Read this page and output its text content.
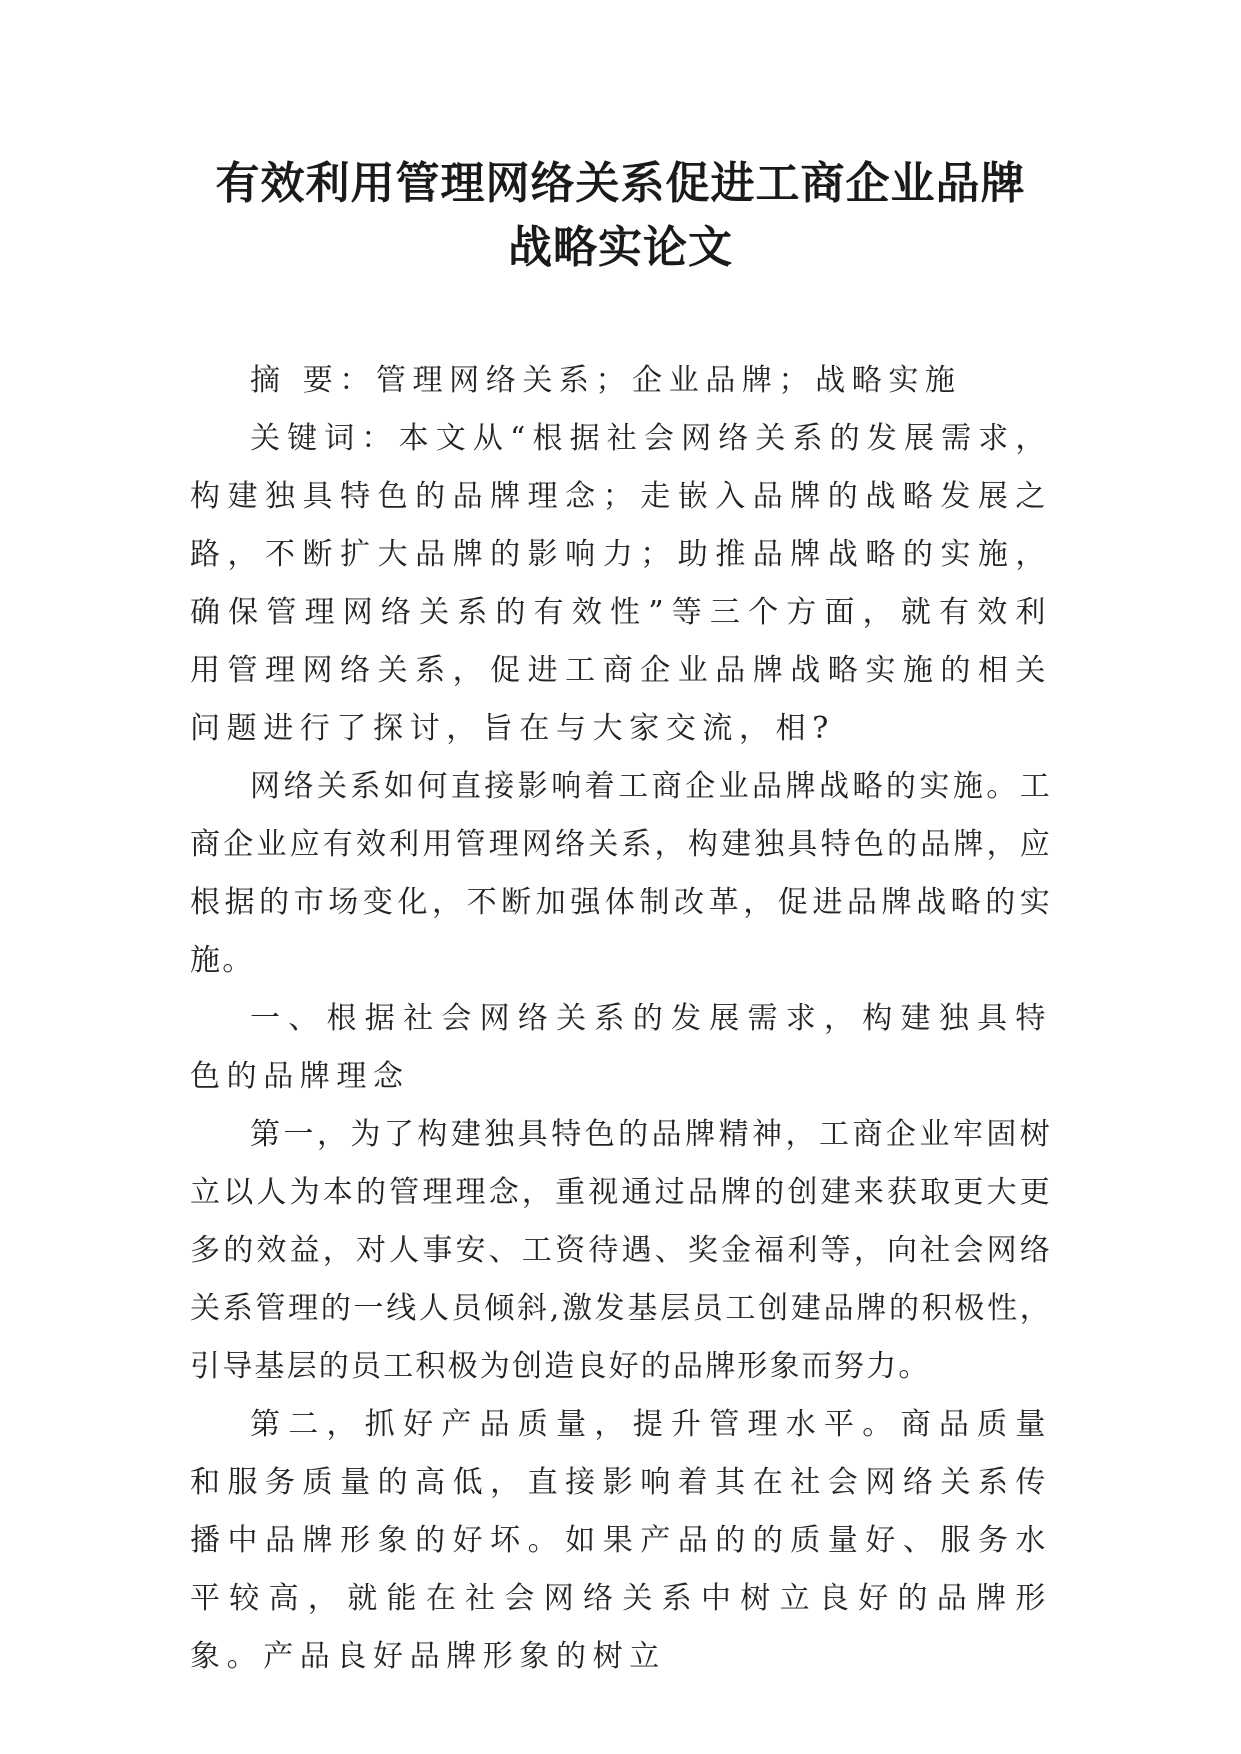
有效利用管理网络关系促进工商企业品牌
战略实论文

摘 要：管理网络关系；企业品牌；战略实施

关键词：本文从“根据社会网络关系的发展需求，构建独具特色的品牌理念；走嵌入品牌的战略发展之路，不断扩大品牌的影响力；助推品牌战略的实施，确保管理网络关系的有效性”等三个方面，就有效利用管理网络关系，促进工商企业品牌战略实施的相关问题进行了探讨，旨在与大家交流，相?

网络关系如何直接影响着工商企业品牌战略的实施。工商企业应有效利用管理网络关系，构建独具特色的品牌，应根据的市场变化，不断加强体制改革，促进品牌战略的实施。

一、根据社会网络关系的发展需求，构建独具特色的品牌理念

第一，为了构建独具特色的品牌精神，工商企业牢固树立以人为本的管理理念，重视通过品牌的创建来获取更大更多的效益，对人事安、工资待遇、奖金福利等，向社会网络关系管理的一线人员倾斜,激发基层员工创建品牌的积极性，引导基层的员工积极为创造良好的品牌形象而努力。

第二，抓好产品质量，提升管理水平。商品质量和服务质量的高低，直接影响着其在社会网络关系传播中品牌形象的好坏。如果产品的的质量好、服务水平较高，就能在社会网络关系中树立良好的品牌形象。产品良好品牌形象的树立
